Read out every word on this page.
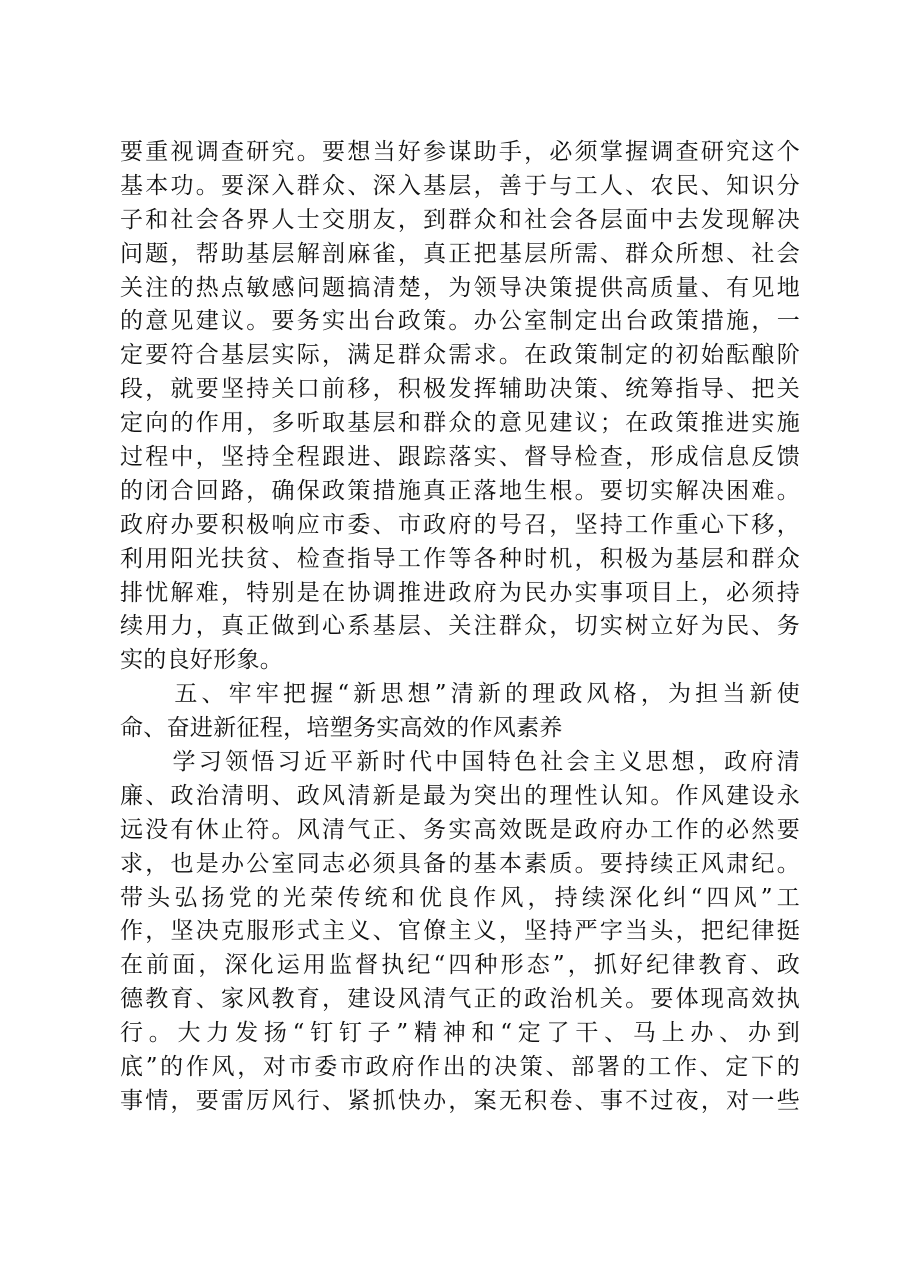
要重视调查研究。要想当好参谋助手，必须掌握调查研究这个
基本功。要深入群众、深入基层，善于与工人、农民、知识分
子和社会各界人士交朋友，到群众和社会各层面中去发现解决
问题，帮助基层解剖麻雀，真正把基层所需、群众所想、社会
关注的热点敏感问题搞清楚，为领导决策提供高质量、有见地
的意见建议。要务实出台政策。办公室制定出台政策措施，一
定要符合基层实际，满足群众需求。在政策制定的初始酝酿阶
段，就要坚持关口前移，积极发挥辅助决策、统筹指导、把关
定向的作用，多听取基层和群众的意见建议；在政策推进实施
过程中，坚持全程跟进、跟踪落实、督导检查，形成信息反馈
的闭合回路，确保政策措施真正落地生根。要切实解决困难。
政府办要积极响应市委、市政府的号召，坚持工作重心下移，
利用阳光扶贫、检查指导工作等各种时机，积极为基层和群众
排忧解难，特别是在协调推进政府为民办实事项目上，必须持
续用力，真正做到心系基层、关注群众，切实树立好为民、务
实的良好形象。
　　五、牢牢把握“新思想”清新的理政风格，为担当新使
命、奋进新征程，培塑务实高效的作风素养
　　学习领悟习近平新时代中国特色社会主义思想，政府清
廉、政治清明、政风清新是最为突出的理性认知。作风建设永
远没有休止符。风清气正、务实高效既是政府办工作的必然要
求，也是办公室同志必须具备的基本素质。要持续正风肃纪。
带头弘扬党的光荣传统和优良作风，持续深化纠“四风”工
作，坚决克服形式主义、官僚主义，坚持严字当头，把纪律挺
在前面，深化运用监督执纪“四种形态”，抓好纪律教育、政
德教育、家风教育，建设风清气正的政治机关。要体现高效执
行。大力发扬“钉钉子”精神和“定了干、马上办、办到
底”的作风，对市委市政府作出的决策、部署的工作、定下的
事情，要雷厉风行、紧抓快办，案无积卷、事不过夜，对一些
